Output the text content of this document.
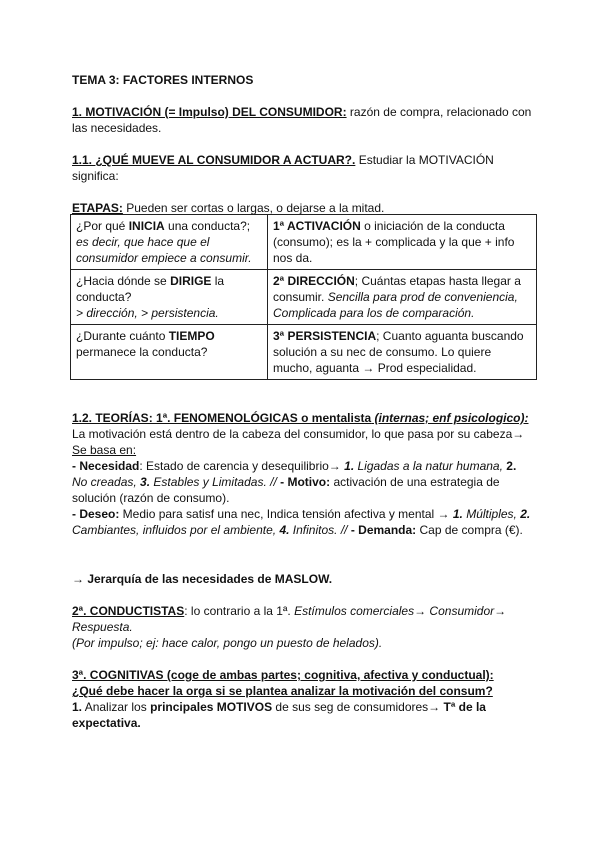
TEMA 3: FACTORES INTERNOS

1. MOTIVACIÓN (= Impulso) DEL CONSUMIDOR: razón de compra, relacionado con las necesidades.

1.1. ¿QUÉ MUEVE AL CONSUMIDOR A ACTUAR?. Estudiar la MOTIVACIÓN significa:

ETAPAS: Pueden ser cortas o largas, o dejarse a la mitad.

¿Por qué INICIA una conducta?; es decir, que hace que el consumidor empiece a consumir.	1ª ACTIVACIÓN o iniciación de la conducta (consumo); es la + complicada y la que + info nos da.
¿Hacia dónde se DIRIGE la conducta?
> dirección, > persistencia.	2ª DIRECCIÓN; Cuántas etapas hasta llegar a consumir. Sencilla para prod de conveniencia, Complicada para los de comparación.
¿Durante cuánto TIEMPO permanece la conducta?	3ª PERSISTENCIA; Cuanto aguanta buscando solución a su nec de consumo. Lo quiere mucho, aguanta → Prod especialidad.

1.2. TEORÍAS: 1ª. FENOMENOLÓGICAS o mentalista (internas; enf psicologico): La motivación está dentro de la cabeza del consumidor, lo que pasa por su cabeza→ Se basa en:

- Necesidad: Estado de carencia y desequilibrio→ 1. Ligadas a la natur humana, 2. No creadas, 3. Estables y Limitadas. // - Motivo: activación de una estrategia de solución (razón de consumo).

- Deseo: Medio para satisf una nec, Indica tensión afectiva y mental → 1. Múltiples, 2. Cambiantes, influidos por el ambiente, 4. Infinitos. // - Demanda: Cap de compra (€).

→ Jerarquía de las necesidades de MASLOW.

2ª. CONDUCTISTAS: lo contrario a la 1ª. Estímulos comerciales→ Consumidor→ Respuesta.

(Por impulso; ej: hace calor, pongo un puesto de helados).

3ª. COGNITIVAS (coge de ambas partes; cognitiva, afectiva y conductual):

¿Qué debe hacer la orga si se plantea analizar la motivación del consum?

1. Analizar los principales MOTIVOS de sus seg de consumidores→ Tª de la expectativa.
